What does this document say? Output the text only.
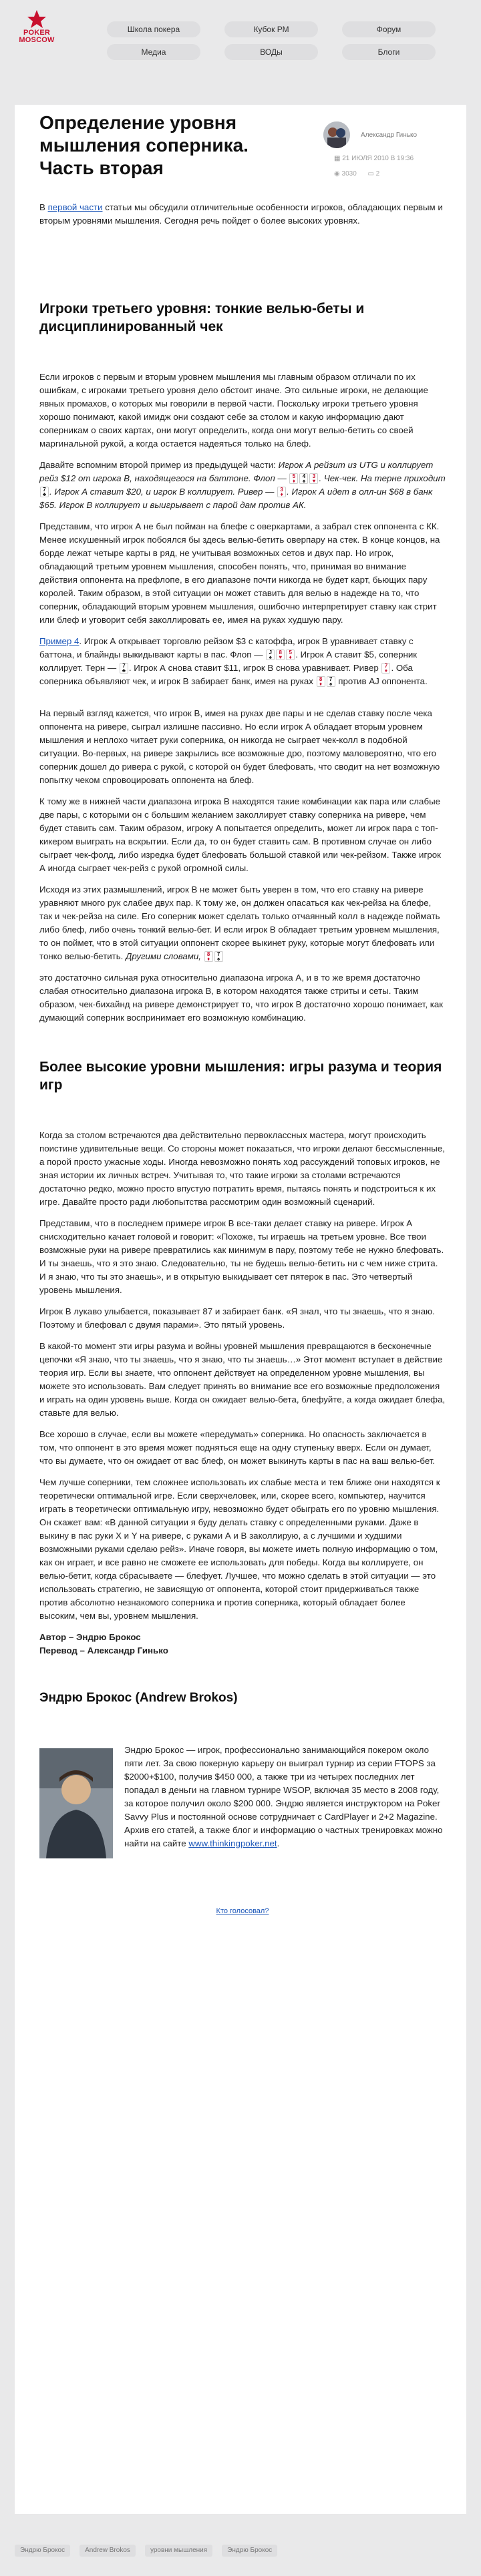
POKER
MOSCOW
Школа покера	Кубок РМ	Форум
Медиа	ВОДы	Блоги
Определение уровня мышления соперника. Часть вторая
Александр Гинько
▦ 21 ИЮЛЯ 2010 В 19:36
◉ 3030 ▭ 2

В первой части статьи мы обсудили отличительные особенности игроков, обладающих первым и вторым уровнями мышления. Сегодня речь пойдет о более высоких уровнях.

Игроки третьего уровня: тонкие велью-беты и дисциплинированный чек

Если игроков с первым и вторым уровнем мышления мы главным образом отличали по их ошибкам, с игроками третьего уровня дело обстоит иначе. Это сильные игроки, не делающие явных промахов, о которых мы говорили в первой части. Поскольку игроки третьего уровня хорошо понимают, какой имидж они создают себе за столом и какую информацию дают соперникам о своих картах, они могут определить, когда они могут велью-бетить со своей маргинальной рукой, а когда остается надеяться только на блеф.

Давайте вспомним второй пример из предыдущей части: Игрок А рейзит из UTG и коллирует рейз $12 от игрока В, находящегося на баттоне. Флоп — 5
♦4
♠3
♥ . Чек-чек. На терне приходит 7
♣ . Игрок А ставит $20, и игрок В коллирует. Ривер — 3
♦ . Игрок А идет в олл-ин $68 в банк $65. Игрок В коллирует и выигрывает с парой дам против АК.

Представим, что игрок А не был пойман на блефе с оверкартами, а забрал стек оппонента с КК. Менее искушенный игрок побоялся бы здесь велью-бетить оверпару на стек. В конце концов, на борде лежат четыре карты в ряд, не учитывая возможных сетов и двух пар. Но игрок, обладающий третьим уровнем мышления, способен понять, что, принимая во внимание действия оппонента на префлопе, в его диапазоне почти никогда не будет карт, бьющих пару королей. Таким образом, в этой ситуации он может ставить для велью в надежде на то, что соперник, обладающий вторым уровнем мышления, ошибочно интерпретирует ставку как стрит или блеф и уговорит себя заколлировать ее, имея на руках худшую пару.

Пример 4. Игрок А открывает торговлю рейзом $3 с катоффа, игрок В уравнивает ставку с баттона, и блайнды выкидывают карты в пас. Флоп — J
♠8
♥5
♦ . Игрок А ставит $5, соперник коллирует. Терн — 7
♣ . Игрок А снова ставит $11, игрок В снова уравнивает. Ривер 7
♦ . Оба соперника объявляют чек, и игрок В забирает банк, имея на руках 8
♦7
♠ против AJ оппонента.

На первый взгляд кажется, что игрок В, имея на руках две пары и не сделав ставку после чека оппонента на ривере, сыграл излишне пассивно. Но если игрок А обладает вторым уровнем мышления и неплохо читает руки соперника, он никогда не сыграет чек-колл в подобной ситуации. Во-первых, на ривере закрылись все возможные дро, поэтому маловероятно, что его соперник дошел до ривера с рукой, с которой он будет блефовать, что сводит на нет возможную попытку чеком спровоцировать оппонента на блеф.

К тому же в нижней части диапазона игрока В находятся такие комбинации как пара или слабые две пары, с которыми он с большим желанием заколлирует ставку соперника на ривере, чем будет ставить сам. Таким образом, игроку А попытается определить, может ли игрок пара с топ-кикером выиграть на вскрытии. Если да, то он будет ставить сам. В противном случае он либо сыграет чек-фолд, либо изредка будет блефовать большой ставкой или чек-рейзом. Также игрок А иногда сыграет чек-рейз с рукой огромной силы.

Исходя из этих размышлений, игрок В не может быть уверен в том, что его ставку на ривере уравняют много рук слабее двух пар. К тому же, он должен опасаться как чек-рейза на блефе, так и чек-рейза на силе. Его соперник может сделать только отчаянный колл в надежде поймать либо блеф, либо очень тонкий велью-бет. И если игрок В обладает третьим уровнем мышления, то он поймет, что в этой ситуации оппонент скорее выкинет руку, которые могут блефовать или тонко велью-бетить. Другими словами, 8
♦7
♠

это достаточно сильная рука относительно диапазона игрока А, и в то же время достаточно слабая относительно диапазона игрока В, в котором находятся также стриты и сеты. Таким образом, чек-бихайнд на ривере демонстрирует то, что игрок В достаточно хорошо понимает, как думающий соперник воспринимает его возможную комбинацию.

Более высокие уровни мышления: игры разума и теория игр

Когда за столом встречаются два действительно первоклассных мастера, могут происходить поистине удивительные вещи. Со стороны может показаться, что игроки делают бессмысленные, а порой просто ужасные ходы. Иногда невозможно понять ход рассуждений топовых игроков, не зная истории их личных встреч. Учитывая то, что такие игроки за столами встречаются достаточно редко, можно просто впустую потратить время, пытаясь понять и подстроиться к их игре. Давайте просто ради любопытства рассмотрим один возможный сценарий.

Представим, что в последнем примере игрок В все-таки делает ставку на ривере. Игрок А снисходительно качает головой и говорит: «Похоже, ты играешь на третьем уровне. Все твои возможные руки на ривере превратились как минимум в пару, поэтому тебе не нужно блефовать. И ты знаешь, что я это знаю. Следовательно, ты не будешь велью-бетить ни с чем ниже стрита. И я знаю, что ты это знаешь», и в открытую выкидывает сет пятерок в пас. Это четвертый уровень мышления.

Игрок В лукаво улыбается, показывает 87 и забирает банк. «Я знал, что ты знаешь, что я знаю. Поэтому и блефовал с двумя парами». Это пятый уровень.

В какой-то момент эти игры разума и войны уровней мышления превращаются в бесконечные цепочки «Я знаю, что ты знаешь, что я знаю, что ты знаешь…» Этот момент вступает в действие теория игр. Если вы знаете, что оппонент действует на определенном уровне мышления, вы можете это использовать. Вам следует принять во внимание все его возможные предположения и играть на один уровень выше. Когда он ожидает велью-бета, блефуйте, а когда ожидает блефа, ставьте для велью.

Все хорошо в случае, если вы можете «передумать» соперника. Но опасность заключается в том, что оппонент в это время может подняться еще на одну ступеньку вверх. Если он думает, что вы думаете, что он ожидает от вас блеф, он может выкинуть карты в пас на ваш велью-бет.

Чем лучше соперники, тем сложнее использовать их слабые места и тем ближе они находятся к теоретически оптимальной игре. Если сверхчеловек, или, скорее всего, компьютер, научится играть в теоретически оптимальную игру, невозможно будет обыграть его по уровню мышления. Он скажет вам: «В данной ситуации я буду делать ставку с определенными руками. Даже в выкину в пас руки X и Y на ривере, с руками А и В заколлирую, а с лучшими и худшими возможными руками сделаю рейз». Иначе говоря, вы можете иметь полную информацию о том, как он играет, и все равно не сможете ее использовать для победы. Когда вы коллируете, он велью-бетит, когда сбрасываете — блефует. Лучшее, что можно сделать в этой ситуации — это использовать стратегию, не зависящую от оппонента, которой стоит придерживаться также против абсолютно незнакомого соперника и против соперника, который обладает более высоким, чем вы, уровнем мышления.

Автор – Эндрю Брокос

Перевод – Александр Гинько

Эндрю Брокос (Andrew Brokos)

Эндрю Брокос — игрок, профессионально занимающийся покером около пяти лет. За свою покерную карьеру он выиграл турнир из серии FTOPS за $2000+$100, получив $450 000, а также три из четырех последних лет попадал в деньги на главном турнире WSOP, включая 35 место в 2008 году, за которое получил около $200 000. Эндрю является инструктором на Poker Savvy Plus и постоянной основе сотрудничает с CardPlayer и 2+2 Magazine. Архив его статей, а также блог и информацию о частных тренировках можно найти на сайте www.thinkingpoker.net.

Кто голосовал?
Эндрю Брокос	Andrew Brokos	уровни мышления	Эндрю Брокос
